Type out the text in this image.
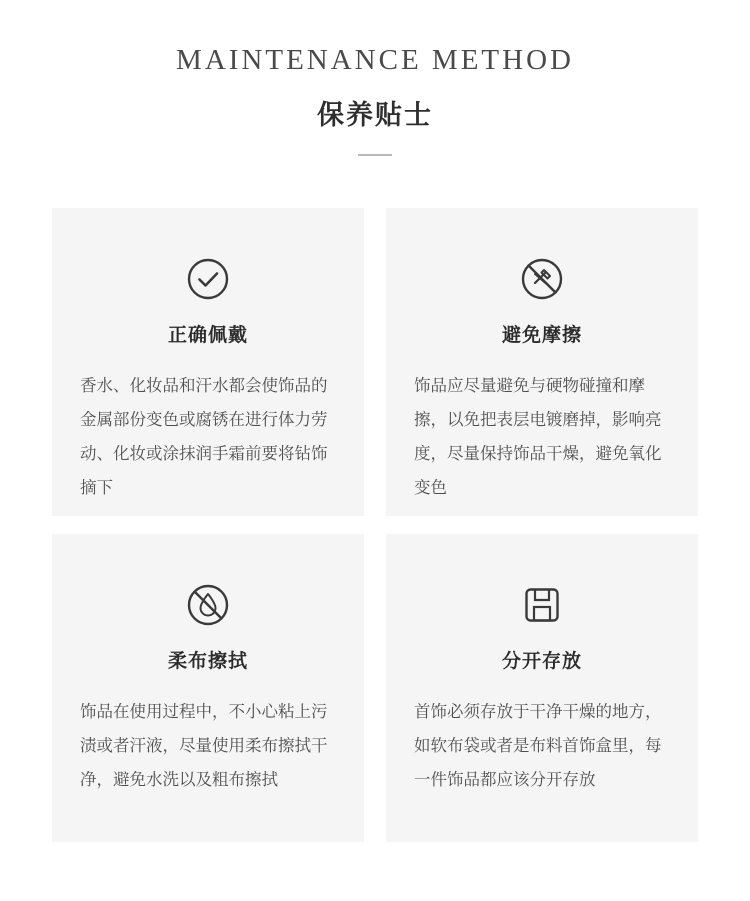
MAINTENANCE METHOD
保养贴士
正确佩戴
香水、化妆品和汗水都会使饰品的金属部份变色或腐锈在进行体力劳动、化妆或涂抹润手霜前要将钻饰摘下
避免摩擦
饰品应尽量避免与硬物碰撞和摩擦，以免把表层电镀磨掉，影响亮度，尽量保持饰品干燥，避免氧化变色
柔布擦拭
饰品在使用过程中，不小心粘上污渍或者汗液，尽量使用柔布擦拭干净，避免水洗以及粗布擦拭
分开存放
首饰必须存放于干净干燥的地方，如软布袋或者是布料首饰盒里，每一件饰品都应该分开存放
